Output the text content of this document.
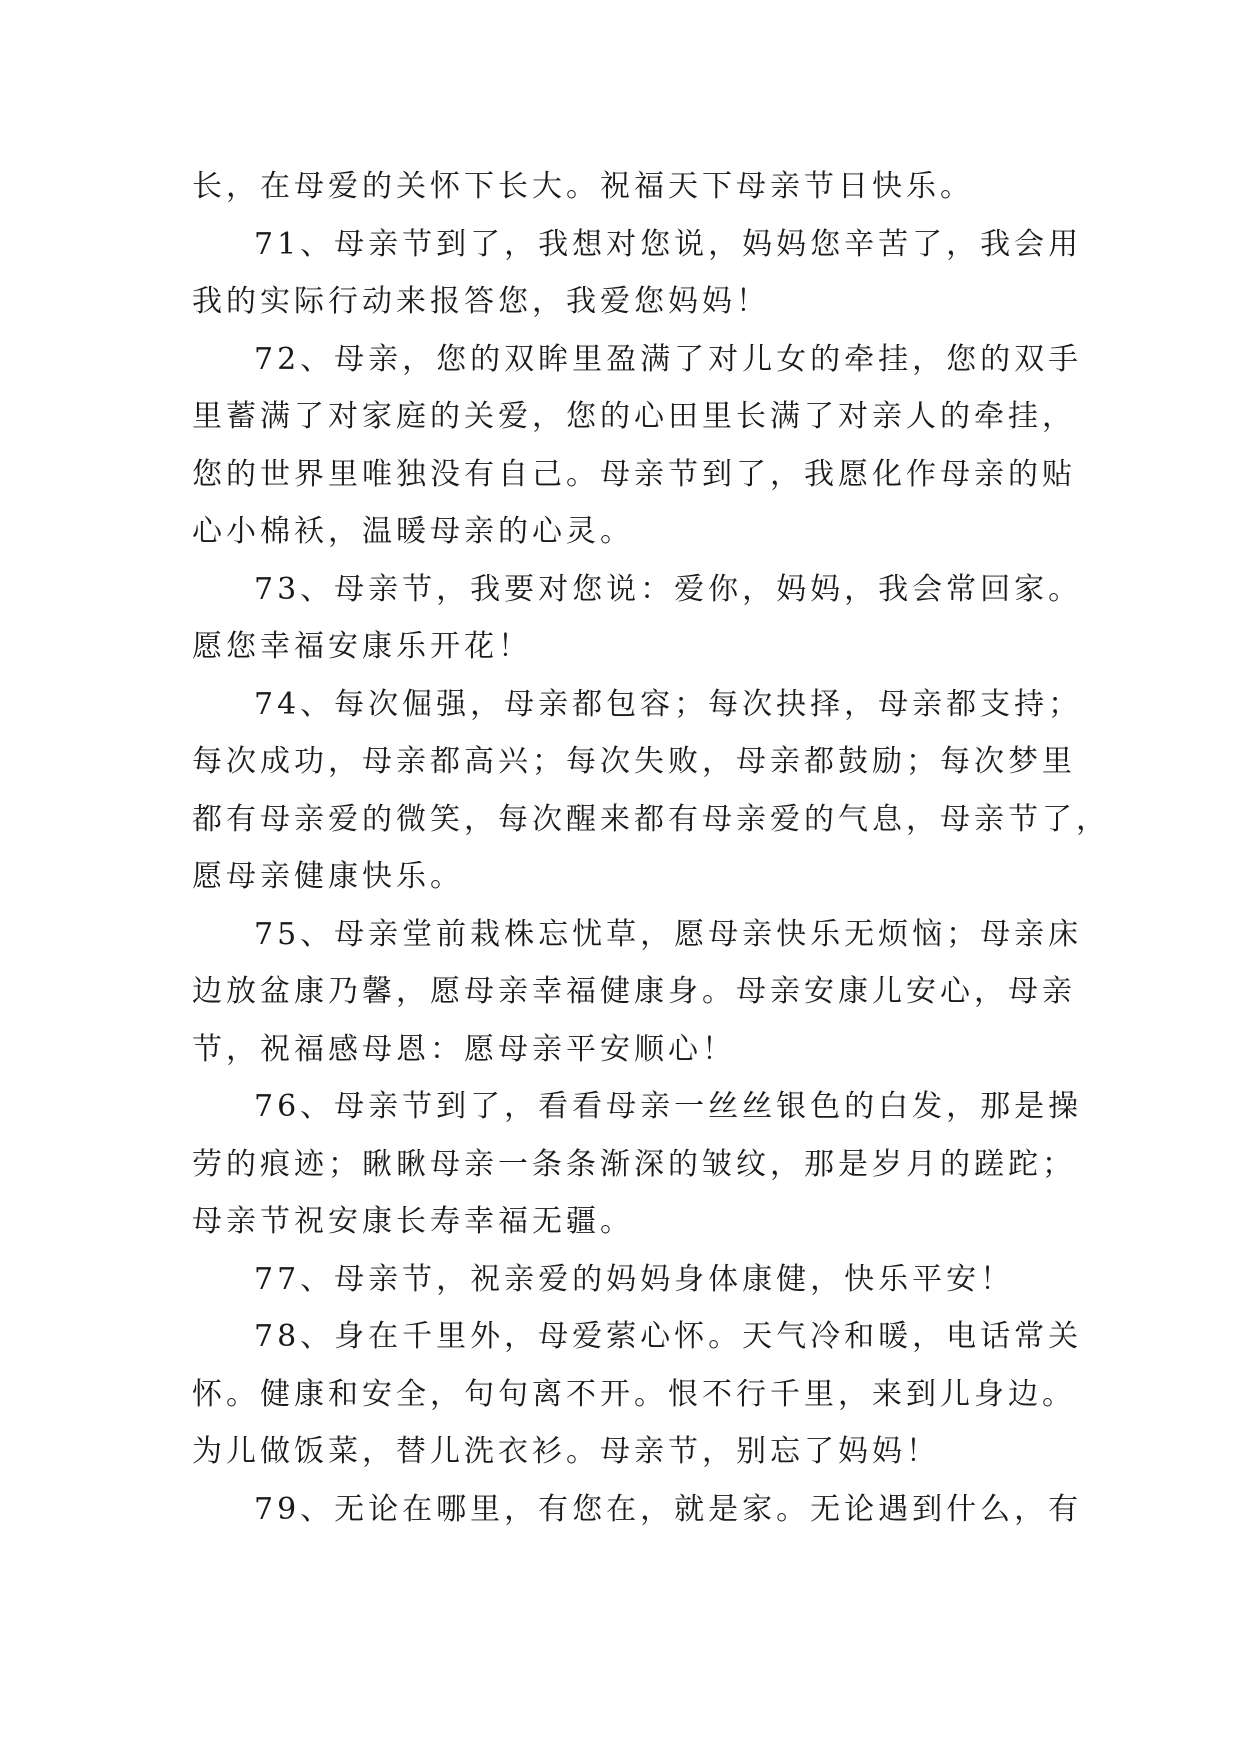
长，在母爱的关怀下长大。祝福天下母亲节日快乐。
71、母亲节到了，我想对您说，妈妈您辛苦了，我会用
我的实际行动来报答您，我爱您妈妈！
72、母亲，您的双眸里盈满了对儿女的牵挂，您的双手
里蓄满了对家庭的关爱，您的心田里长满了对亲人的牵挂，
您的世界里唯独没有自己。母亲节到了，我愿化作母亲的贴
心小棉袄，温暖母亲的心灵。
73、母亲节，我要对您说：爱你，妈妈，我会常回家。
愿您幸福安康乐开花！
74、每次倔强，母亲都包容；每次抉择，母亲都支持；
每次成功，母亲都高兴；每次失败，母亲都鼓励；每次梦里
都有母亲爱的微笑，每次醒来都有母亲爱的气息，母亲节了，
愿母亲健康快乐。
75、母亲堂前栽株忘忧草，愿母亲快乐无烦恼；母亲床
边放盆康乃馨，愿母亲幸福健康身。母亲安康儿安心，母亲
节，祝福感母恩：愿母亲平安顺心！
76、母亲节到了，看看母亲一丝丝银色的白发，那是操
劳的痕迹；瞅瞅母亲一条条渐深的皱纹，那是岁月的蹉跎；
母亲节祝安康长寿幸福无疆。
77、母亲节，祝亲爱的妈妈身体康健，快乐平安！
78、身在千里外，母爱萦心怀。天气冷和暖，电话常关
怀。健康和安全，句句离不开。恨不行千里，来到儿身边。
为儿做饭菜，替儿洗衣衫。母亲节，别忘了妈妈！
79、无论在哪里，有您在，就是家。无论遇到什么，有
